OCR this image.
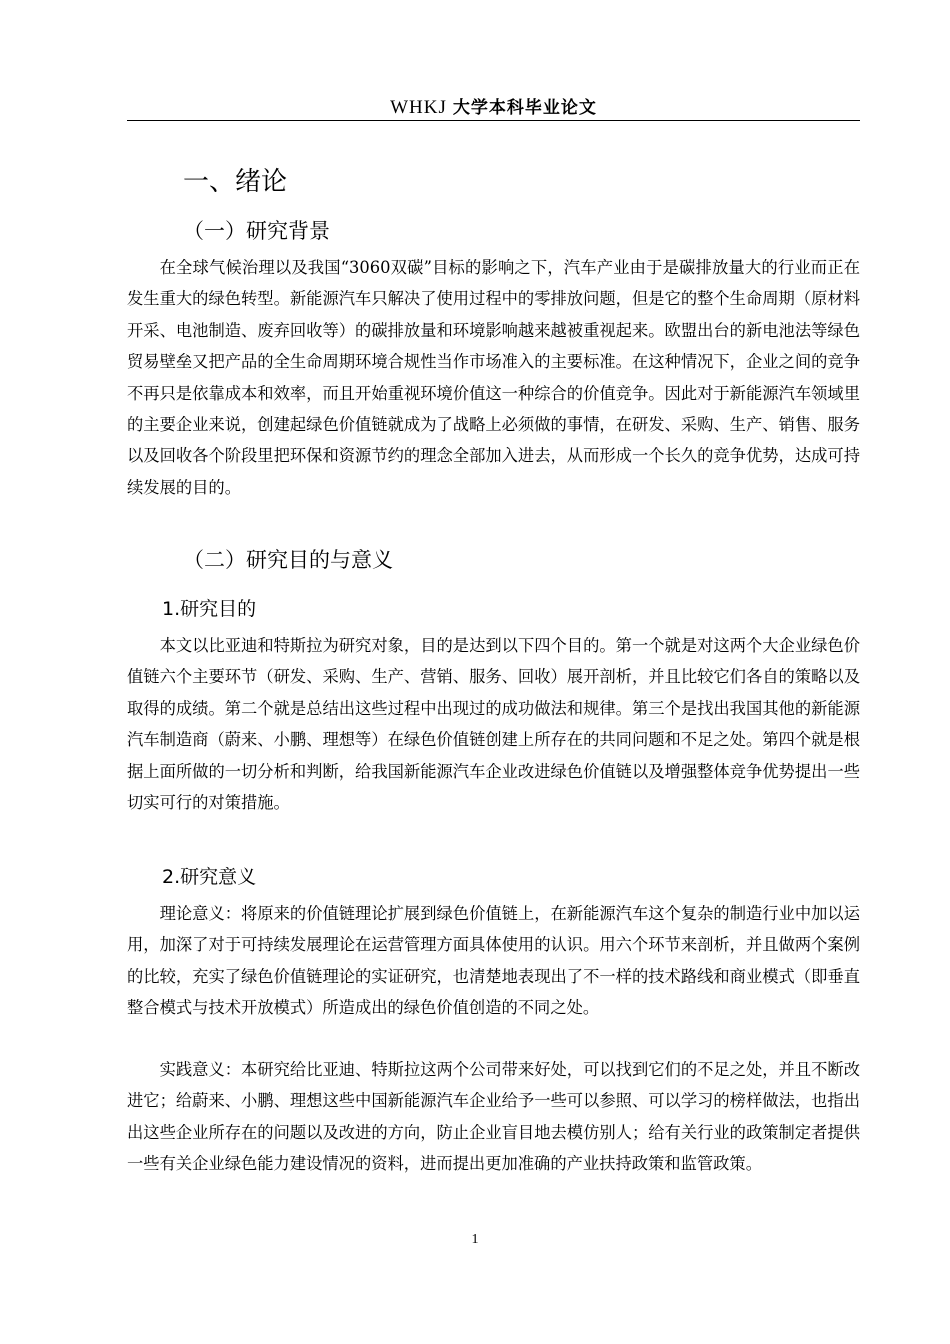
WHKJ 大学本科毕业论文
一、绪论
（一）研究背景

在全球气候治理以及我国“3060双碳”目标的影响之下，汽车产业由于是碳排放量大的行业而正在发生重大的绿色转型。新能源汽车只解决了使用过程中的零排放问题，但是它的整个生命周期（原材料开采、电池制造、废弃回收等）的碳排放量和环境影响越来越被重视起来。欧盟出台的新电池法等绿色贸易壁垒又把产品的全生命周期环境合规性当作市场准入的主要标准。在这种情况下，企业之间的竞争不再只是依靠成本和效率，而且开始重视环境价值这一种综合的价值竞争。因此对于新能源汽车领域里的主要企业来说，创建起绿色价值链就成为了战略上必须做的事情，在研发、采购、生产、销售、服务以及回收各个阶段里把环保和资源节约的理念全部加入进去，从而形成一个长久的竞争优势，达成可持续发展的目的。

（二）研究目的与意义
1.研究目的

本文以比亚迪和特斯拉为研究对象，目的是达到以下四个目的。第一个就是对这两个大企业绿色价值链六个主要环节（研发、采购、生产、营销、服务、回收）展开剖析，并且比较它们各自的策略以及取得的成绩。第二个就是总结出这些过程中出现过的成功做法和规律。第三个是找出我国其他的新能源汽车制造商（蔚来、小鹏、理想等）在绿色价值链创建上所存在的共同问题和不足之处。第四个就是根据上面所做的一切分析和判断，给我国新能源汽车企业改进绿色价值链以及增强整体竞争优势提出一些切实可行的对策措施。

2.研究意义

理论意义：将原来的价值链理论扩展到绿色价值链上，在新能源汽车这个复杂的制造行业中加以运用，加深了对于可持续发展理论在运营管理方面具体使用的认识。用六个环节来剖析，并且做两个案例的比较，充实了绿色价值链理论的实证研究，也清楚地表现出了不一样的技术路线和商业模式（即垂直整合模式与技术开放模式）所造成出的绿色价值创造的不同之处。

实践意义：本研究给比亚迪、特斯拉这两个公司带来好处，可以找到它们的不足之处，并且不断改进它；给蔚来、小鹏、理想这些中国新能源汽车企业给予一些可以参照、可以学习的榜样做法，也指出出这些企业所存在的问题以及改进的方向，防止企业盲目地去模仿别人；给有关行业的政策制定者提供一些有关企业绿色能力建设情况的资料，进而提出更加准确的产业扶持政策和监管政策。

1
